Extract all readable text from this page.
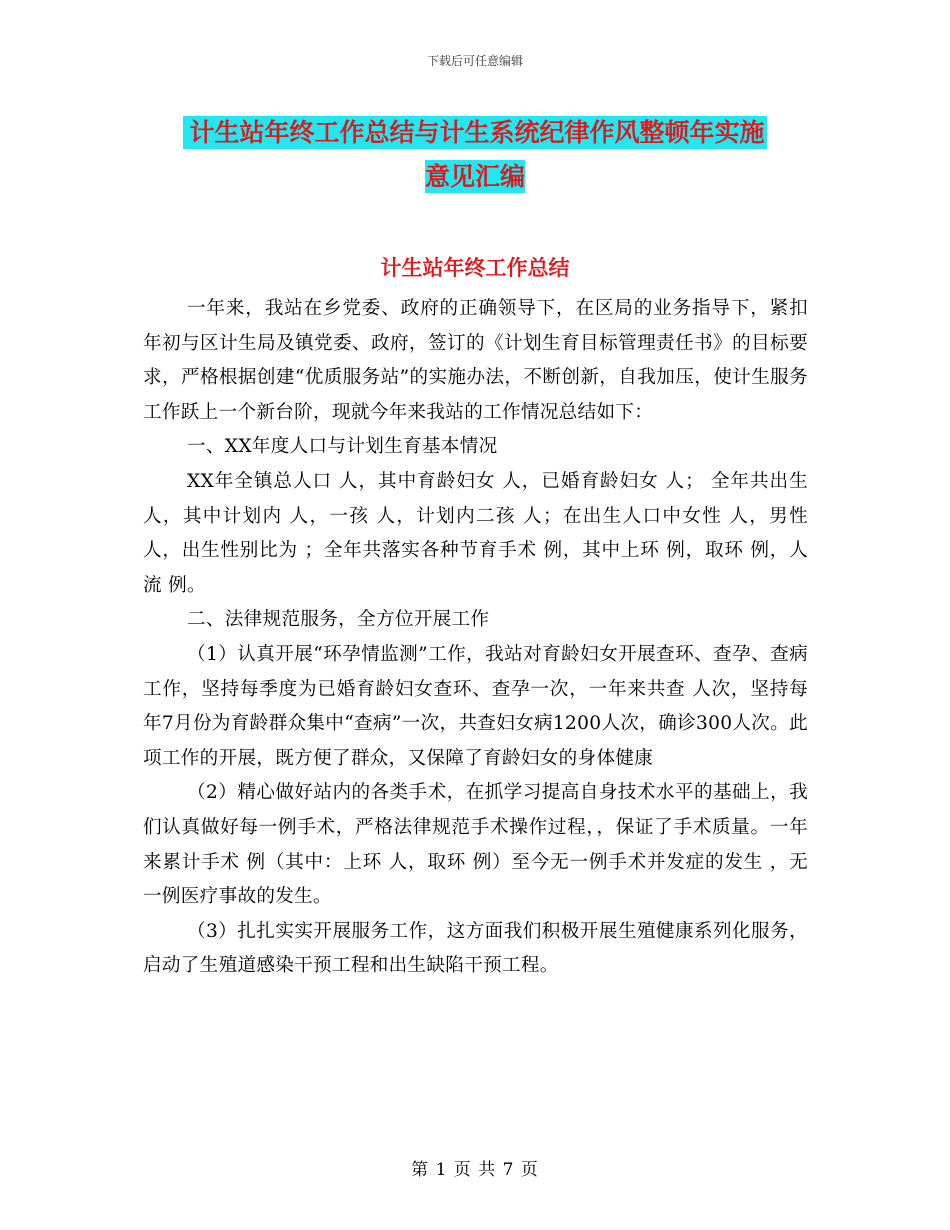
下载后可任意编辑
计生站年终工作总结与计生系统纪律作风整顿年实施
意见汇编
计生站年终工作总结

一年来，我站在乡党委、政府的正确领导下，在区局的业务指导下，紧扣年初与区计生局及镇党委、政府，签订的《计划生育目标管理责任书》的目标要求，严格根据创建“优质服务站”的实施办法，不断创新，自我加压，使计生服务工作跃上一个新台阶，现就今年来我站的工作情况总结如下：

一、XX年度人口与计划生育基本情况

XX年全镇总人口 人，其中育龄妇女 人，已婚育龄妇女 人； 全年共出生 人，其中计划内 人，一孩 人，计划内二孩 人；在出生人口中女性 人，男性 人，出生性别比为 ；全年共落实各种节育手术 例，其中上环 例，取环 例，人流 例。

二、法律规范服务，全方位开展工作

（1）认真开展“环孕情监测”工作，我站对育龄妇女开展查环、查孕、查病工作，坚持每季度为已婚育龄妇女查环、查孕一次，一年来共查 人次，坚持每年7月份为育龄群众集中“查病”一次，共查妇女病1200人次，确诊300人次。此项工作的开展，既方便了群众，又保障了育龄妇女的身体健康

（2）精心做好站内的各类手术，在抓学习提高自身技术水平的基础上，我们认真做好每一例手术，严格法律规范手术操作过程，，保证了手术质量。一年来累计手术 例（其中：上环 人，取环 例）至今无一例手术并发症的发生 ，无一例医疗事故的发生。

（3）扎扎实实开展服务工作，这方面我们积极开展生殖健康系列化服务，启动了生殖道感染干预工程和出生缺陷干预工程。

第 1 页 共 7 页
